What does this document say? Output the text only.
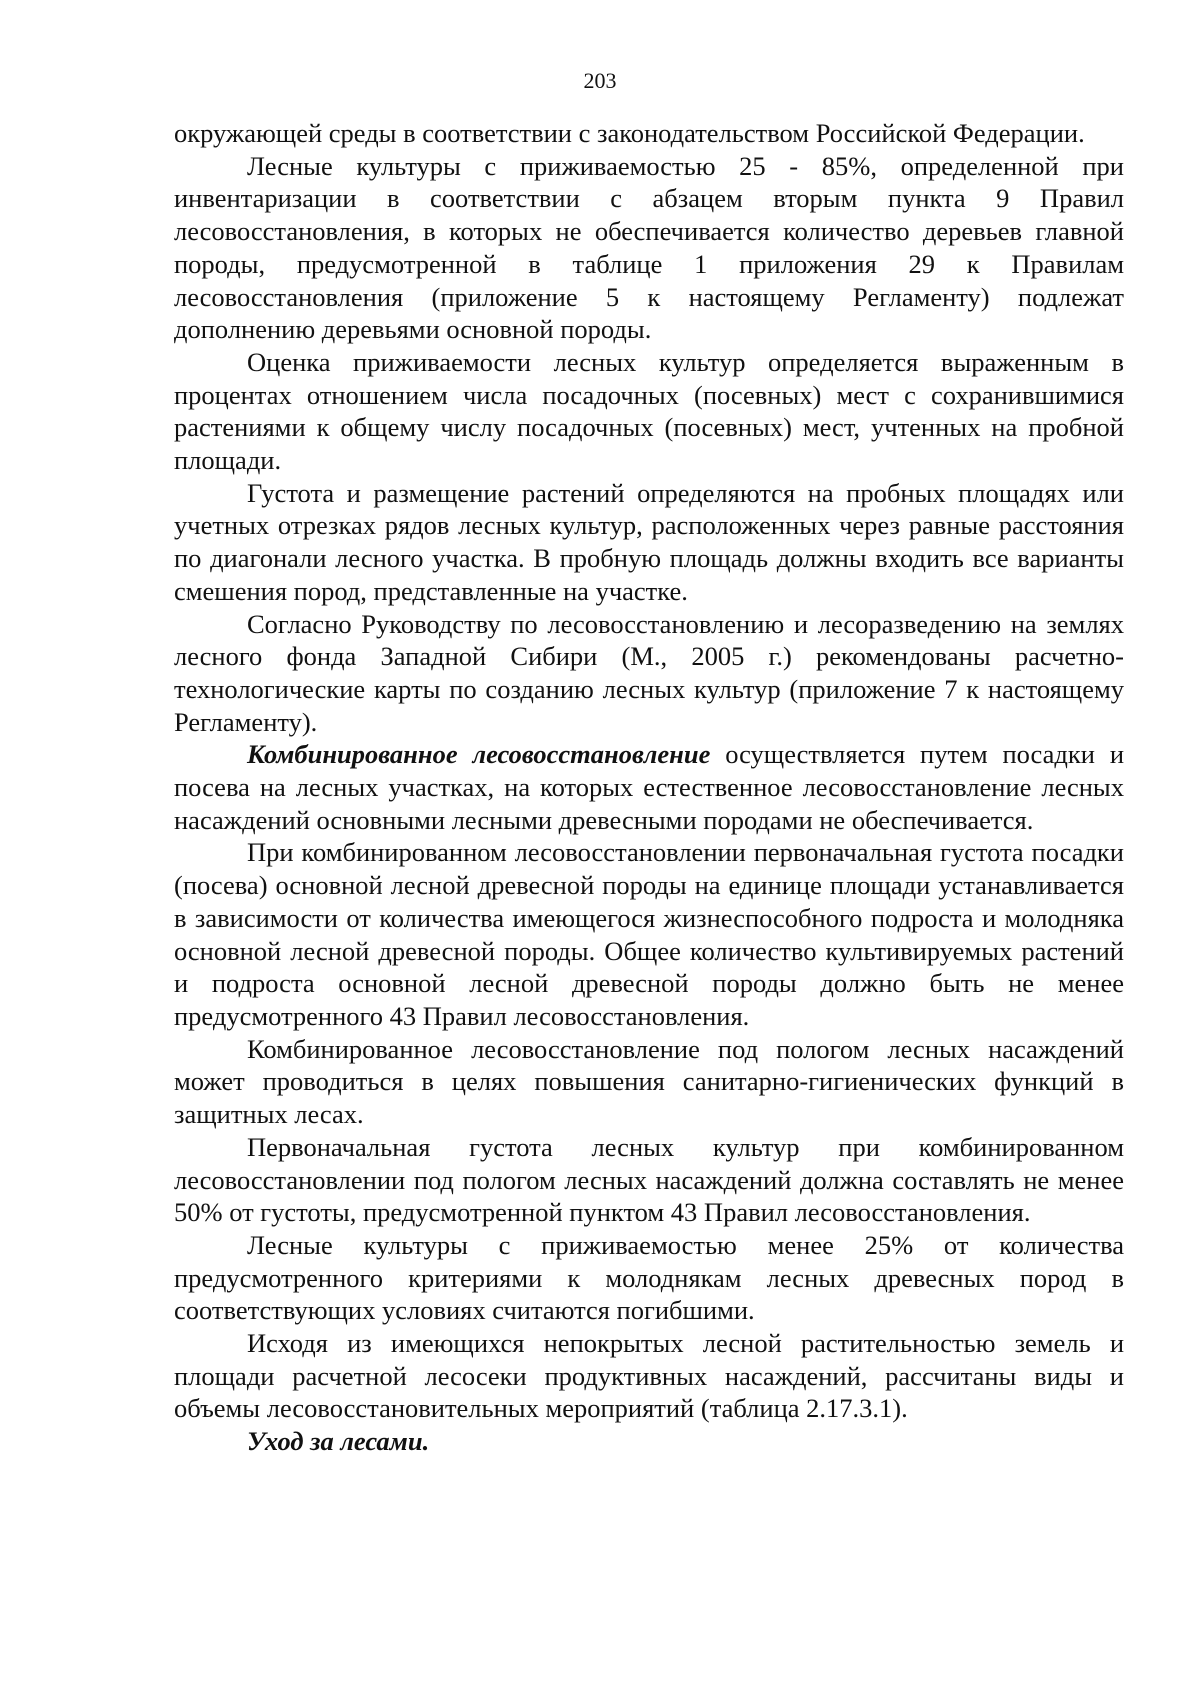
203

окружающей среды в соответствии с законодательством Российской Федерации.

Лесные культуры с приживаемостью 25 - 85%, определенной при инвентаризации в соответствии с абзацем вторым пункта 9 Правил лесовосстановления, в которых не обеспечивается количество деревьев главной породы, предусмотренной в таблице 1 приложения 29 к Правилам лесовосстановления (приложение 5 к настоящему Регламенту) подлежат дополнению деревьями основной породы.

Оценка приживаемости лесных культур определяется выраженным в процентах отношением числа посадочных (посевных) мест с сохранившимися растениями к общему числу посадочных (посевных) мест, учтенных на пробной площади.

Густота и размещение растений определяются на пробных площадях или учетных отрезках рядов лесных культур, расположенных через равные расстояния по диагонали лесного участка. В пробную площадь должны входить все варианты смешения пород, представленные на участке.

Согласно Руководству по лесовосстановлению и лесоразведению на землях лесного фонда Западной Сибири (М., 2005 г.) рекомендованы расчетно-технологические карты по созданию лесных культур (приложение 7 к настоящему Регламенту).

Комбинированное лесовосстановление осуществляется путем посадки и посева на лесных участках, на которых естественное лесовосстановление лесных насаждений основными лесными древесными породами не обеспечивается.

При комбинированном лесовосстановлении первоначальная густота посадки (посева) основной лесной древесной породы на единице площади устанавливается в зависимости от количества имеющегося жизнеспособного подроста и молодняка основной лесной древесной породы. Общее количество культивируемых растений и подроста основной лесной древесной породы должно быть не менее предусмотренного 43 Правил лесовосстановления.

Комбинированное лесовосстановление под пологом лесных насаждений может проводиться в целях повышения санитарно-гигиенических функций в защитных лесах.

Первоначальная густота лесных культур при комбинированном лесовосстановлении под пологом лесных насаждений должна составлять не менее 50% от густоты, предусмотренной пунктом 43 Правил лесовосстановления.

Лесные культуры с приживаемостью менее 25% от количества предусмотренного критериями к молоднякам лесных древесных пород в соответствующих условиях считаются погибшими.

Исходя из имеющихся непокрытых лесной растительностью земель и площади расчетной лесосеки продуктивных насаждений, рассчитаны виды и объемы лесовосстановительных мероприятий (таблица 2.17.3.1).

Уход за лесами.
